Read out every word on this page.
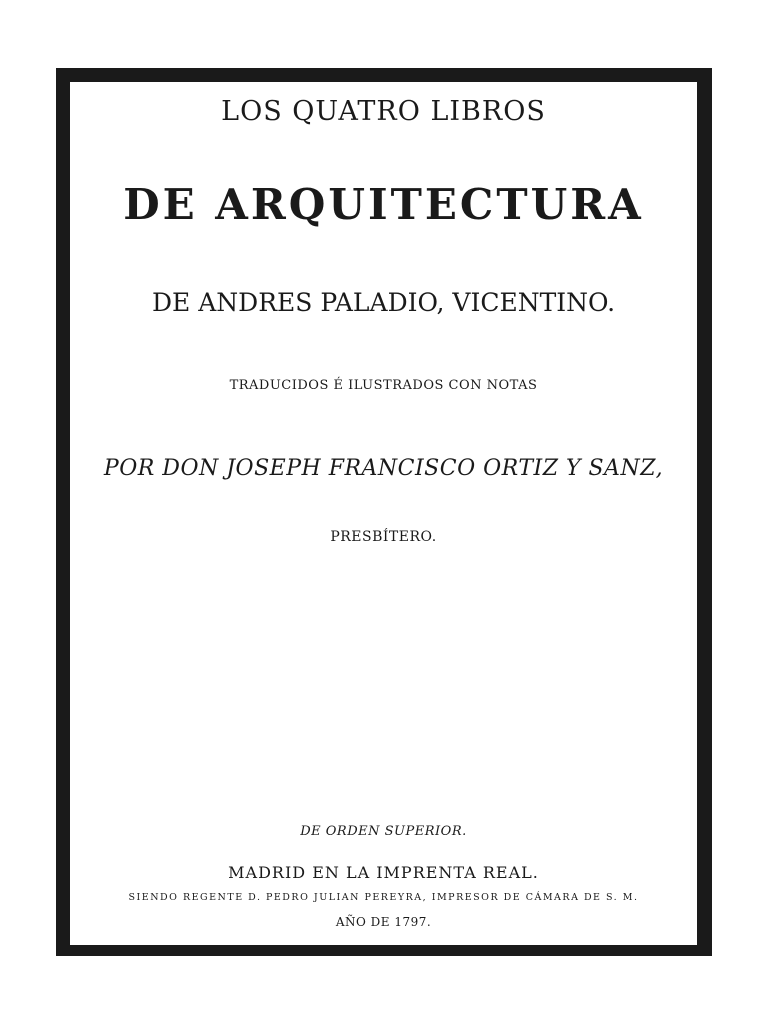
LOS QUATRO LIBROS
DE ARQUITECTURA
DE ANDRES PALADIO, VICENTINO.
TRADUCIDOS É ILUSTRADOS CON NOTAS
POR DON JOSEPH FRANCISCO ORTIZ Y SANZ,
PRESBÍTERO.
DE ORDEN SUPERIOR.
MADRID EN LA IMPRENTA REAL.
SIENDO REGENTE D. PEDRO JULIAN PEREYRA, IMPRESOR DE CÁMARA DE S. M.
AÑO DE 1797.
